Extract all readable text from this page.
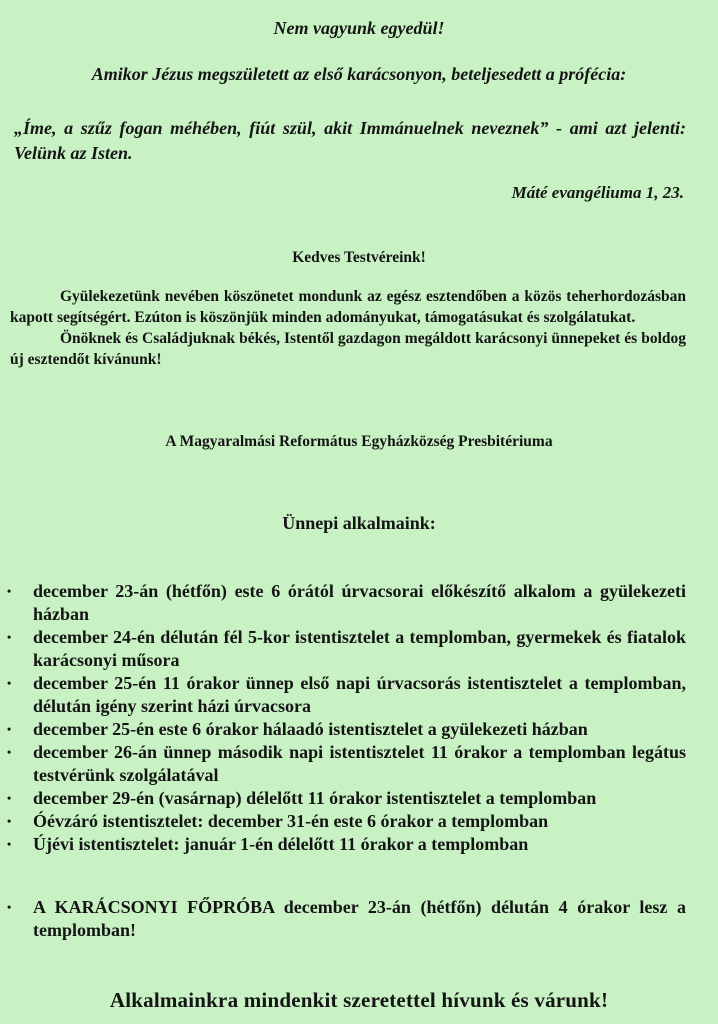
Nem vagyunk egyedül!
Amikor Jézus megszületett az első karácsonyon, beteljesedett a prófécia:
„Íme, a szűz fogan méhében, fiút szül, akit Immánuelnek neveznek” - ami azt jelenti: Velünk az Isten.
Máté evangéliuma 1, 23.
Kedves Testvéreink!

Gyülekezetünk nevében köszönetet mondunk az egész esztendőben a közös teherhordozásban kapott segítségért. Ezúton is köszönjük minden adományukat, támogatásukat és szolgálatukat.

Önöknek és Családjuknak békés, Istentől gazdagon megáldott karácsonyi ünnepeket és boldog új esztendőt kívánunk!

A Magyaralmási Református Egyházközség Presbitériuma
Ünnepi alkalmaink:
• december 23-án (hétfőn) este 6 órától úrvacsorai előkészítő alkalom a gyülekezeti házban
• december 24-én délután fél 5-kor istentisztelet a templomban, gyermekek és fiatalok karácsonyi műsora
• december 25-én 11 órakor ünnep első napi úrvacsorás istentisztelet a templomban, délután igény szerint házi úrvacsora
• december 25-én este 6 órakor hálaadó istentisztelet a gyülekezeti házban
• december 26-án ünnep második napi istentisztelet 11 órakor a templomban legátus testvérünk szolgálatával
• december 29-én (vasárnap) délelőtt 11 órakor istentisztelet a templomban
• Óévzáró istentisztelet: december 31-én este 6 órakor a templomban
• Újévi istentisztelet: január 1-én délelőtt 11 órakor a templomban
• A KARÁCSONYI FŐPRÓBA december 23-án (hétfőn) délután 4 órakor lesz a templomban!
Alkalmainkra mindenkit szeretettel hívunk és várunk!
